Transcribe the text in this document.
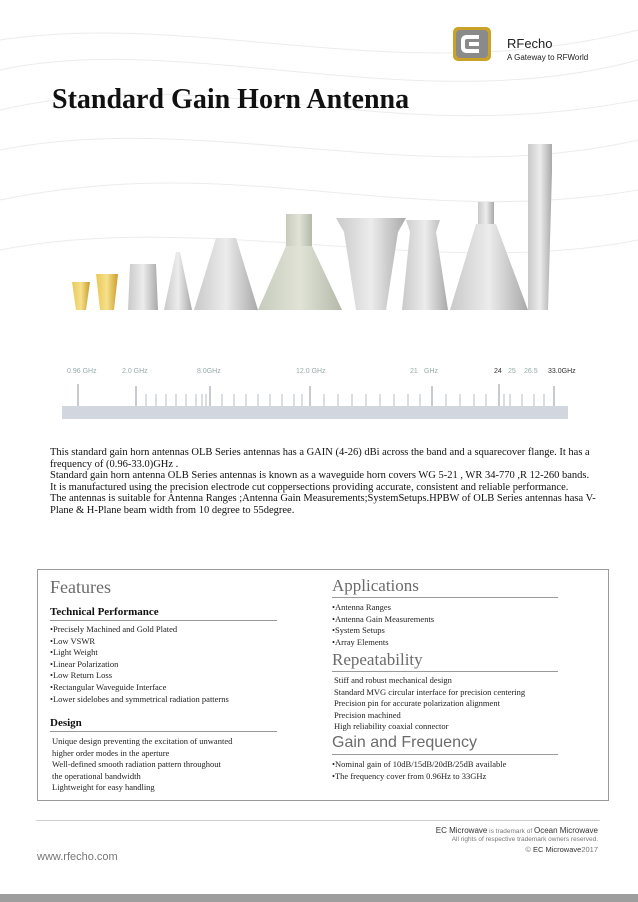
RFecho
A Gateway to RFWorld
Standard Gain Horn Antenna
0.96 GHz	2.0 GHz	8.0GHz	12.0 GHz	21 GHz	24 25 26.5 33.0GHz

This standard gain horn antennas OLB Series antennas has a GAIN (4-26) dBi across the band and a squarecover flange. It has a frequency of (0.96-33.0)GHz .

Standard gain horn antenna OLB Series antennas is known as a waveguide horn covers WG 5-21 , WR 34-770 ,R 12-260 bands. It is manufactured using the precision electrode cut coppersections providing accurate, consistent and reliable performance.

The antennas is suitable for Antenna Ranges ;Antenna Gain Measurements;SystemSetups.HPBW of OLB Series antennas hasa V-Plane & H-Plane beam width from 10 degree to 55degree.

Features
Technical Performance
•Precisely Machined and Gold Plated
•Low VSWR
•Light Weight
•Linear Polarization
•Low Return Loss
•Rectangular Waveguide Interface
•Lower sidelobes and symmetrical radiation patterns
Design
Unique design preventing the excitation of unwanted
higher order modes in the aperture
Well-defined smooth radiation pattern throughout
the operational bandwidth
Lightweight for easy handling
Applications
•Antenna Ranges
•Antenna Gain Measurements
•System Setups
•Array Elements
Repeatability
Stiff and robust mechanical design
Standard MVG circular interface for precision centering
Precision pin for accurate polarization alignment
Precision machined
High reliability coaxial connector
Gain and Frequency
•Nominal gain of 10dB/15dB/20dB/25dB available
•The frequency cover from 0.96Hz to 33GHz
EC Microwave is trademark of Ocean Microwave
All rights of respective trademark owners reserved.
© EC Microwave2017
www.rfecho.com
